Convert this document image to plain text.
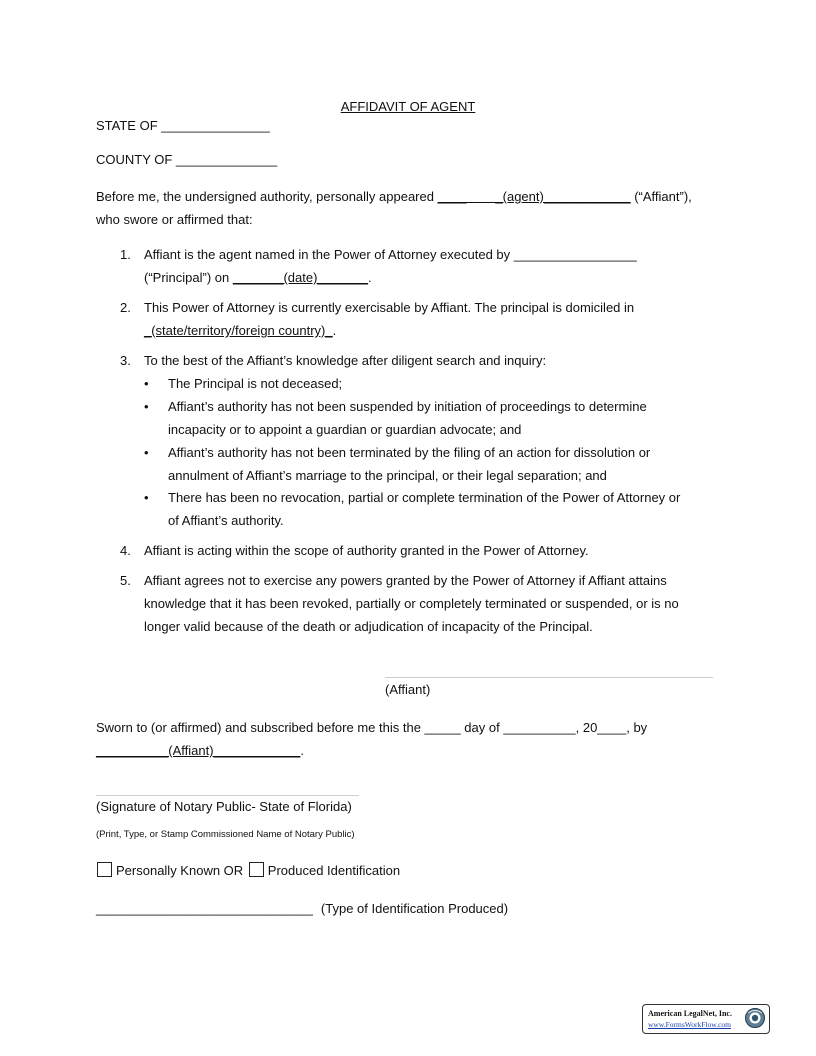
AFFIDAVIT OF AGENT
STATE OF _______________
COUNTY OF ______________
Before me, the undersigned authority, personally appeared ____        _(agent)____________ (“Affiant”),
who swore or affirmed that:
1. Affiant is the agent named in the Power of Attorney executed by _________________
(“Principal”) on _______(date)_______.
2. This Power of Attorney is currently exercisable by Affiant. The principal is domiciled in
_(state/territory/foreign country)_.
3. To the best of the Affiant’s knowledge after diligent search and inquiry:
• The Principal is not deceased;
• Affiant’s authority has not been suspended by initiation of proceedings to determine
incapacity or to appoint a guardian or guardian advocate; and
• Affiant’s authority has not been terminated by the filing of an action for dissolution or
annulment of Affiant’s marriage to the principal, or their legal separation; and
• There has been no revocation, partial or complete termination of the Power of Attorney or
of Affiant’s authority.
4. Affiant is acting within the scope of authority granted in the Power of Attorney.
5. Affiant agrees not to exercise any powers granted by the Power of Attorney if Affiant attains
knowledge that it has been revoked, partially or completely terminated or suspended, or is no
longer valid because of the death or adjudication of incapacity of the Principal.
(Affiant)
Sworn to (or affirmed) and subscribed before me this the _____ day of __________, 20____, by
__________(Affiant)____________.
(Signature of Notary Public- State of Florida)
(Print, Type, or Stamp Commissioned Name of Notary Public)
Personally Known OR Produced Identification
______________________________ (Type of Identification Produced)
American LegalNet, Inc.
www.FormsWorkFlow.com
